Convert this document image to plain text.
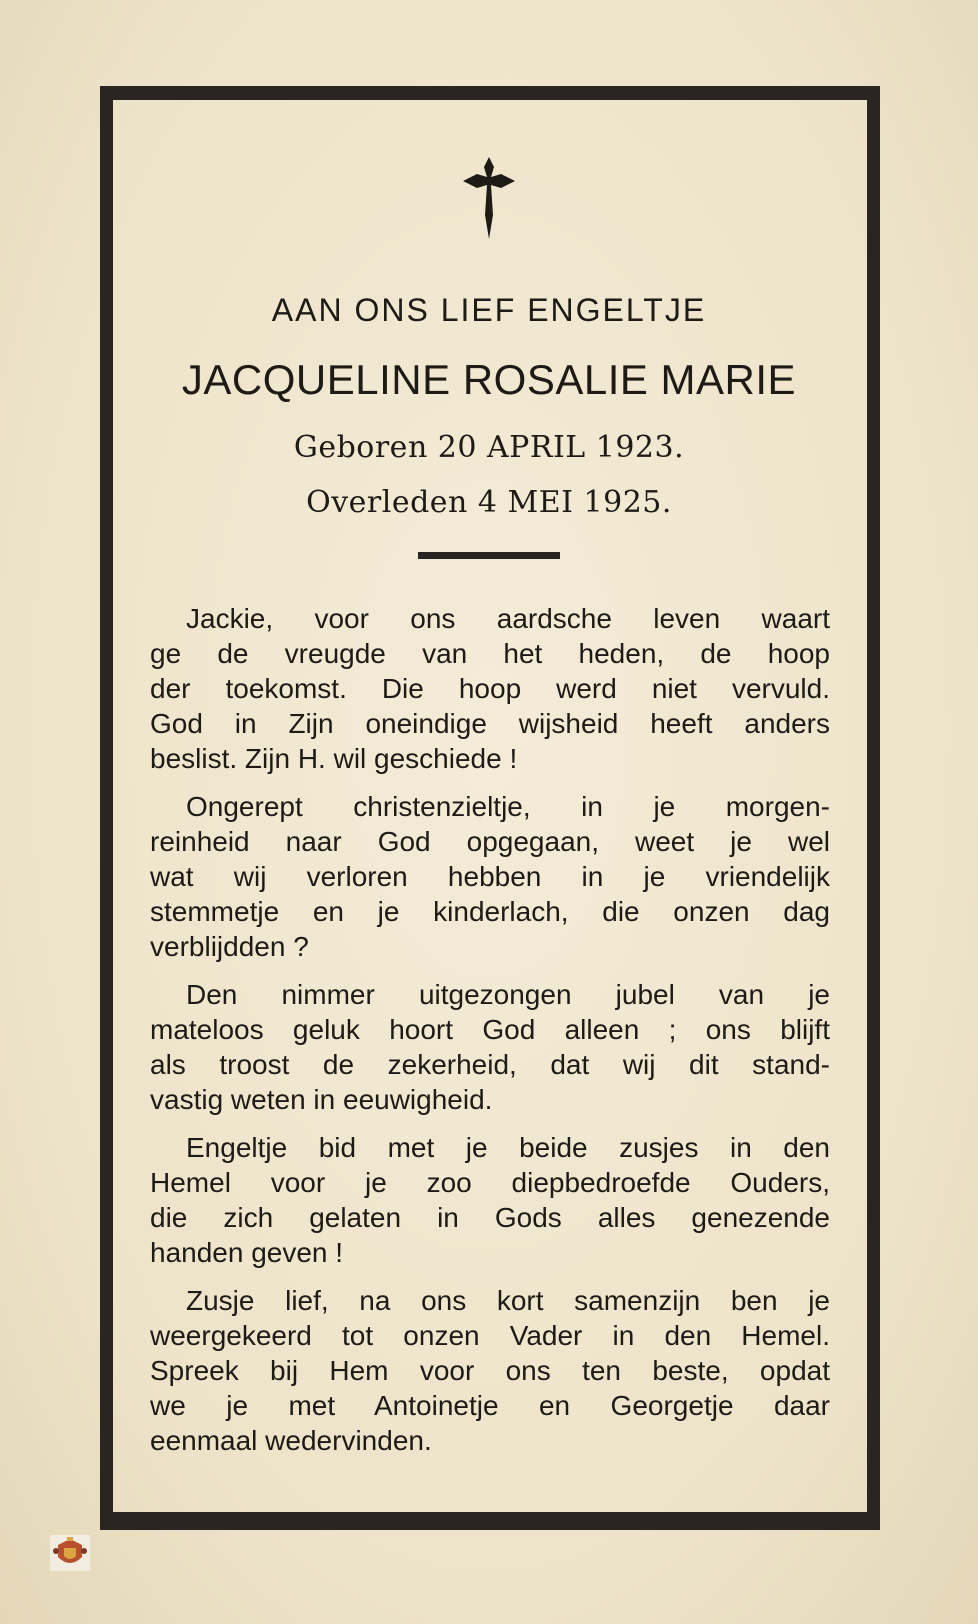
AAN ONS LIEF ENGELTJE
JACQUELINE ROSALIE MARIE
Geboren 20 APRIL 1923.
Overleden 4 MEI 1925.
Jackie, voor ons aardsche leven waart
ge de vreugde van het heden, de hoop
der toekomst. Die hoop werd niet vervuld.
God in Zijn oneindige wijsheid heeft anders
beslist. Zijn H. wil geschiede !
Ongerept christenzieltje, in je morgen-
reinheid naar God opgegaan, weet je wel
wat wij verloren hebben in je vriendelijk
stemmetje en je kinderlach, die onzen dag
verblijdden ?
Den nimmer uitgezongen jubel van je
mateloos geluk hoort God alleen ; ons blijft
als troost de zekerheid, dat wij dit stand-
vastig weten in eeuwigheid.
Engeltje bid met je beide zusjes in den
Hemel voor je zoo diepbedroefde Ouders,
die zich gelaten in Gods alles genezende
handen geven !
Zusje lief, na ons kort samenzijn ben je
weergekeerd tot onzen Vader in den Hemel.
Spreek bij Hem voor ons ten beste, opdat
we je met Antoinetje en Georgetje daar
eenmaal wedervinden.
